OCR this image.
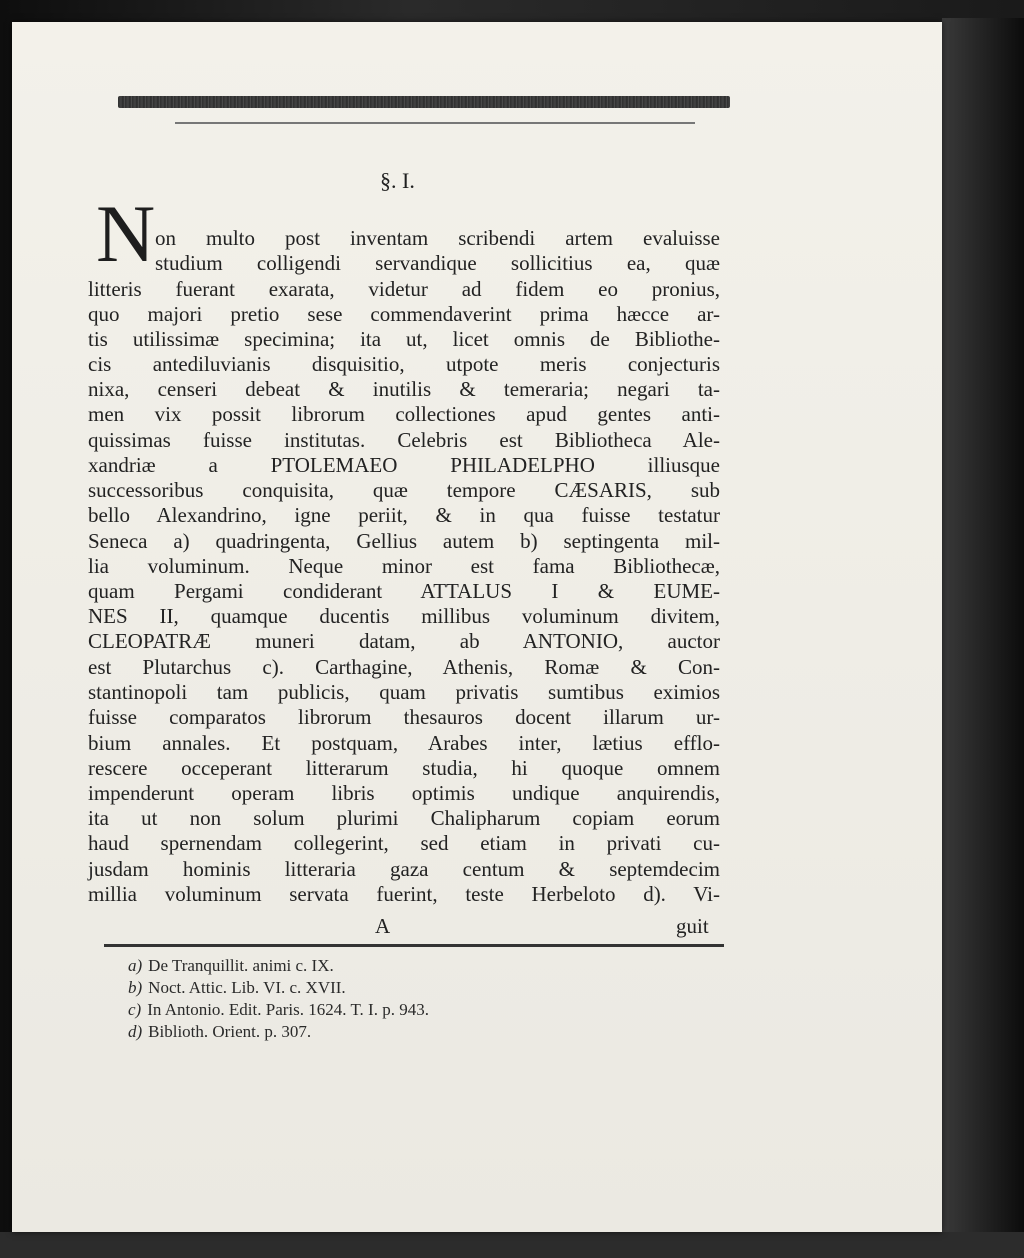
§. I.
N on multo post inventam scribendi artem evaluisse
studium colligendi servandique sollicitius ea, quæ
litteris fuerant exarata, videtur ad fidem eo pronius,
quo majori pretio sese commendaverint prima hæcce ar-
tis utilissimæ specimina; ita ut, licet omnis de Bibliothe-
cis antediluvianis disquisitio, utpote meris conjecturis
nixa, censeri debeat & inutilis & temeraria; negari ta-
men vix possit librorum collectiones apud gentes anti-
quissimas fuisse institutas. Celebris est Bibliotheca Ale-
xandriæ a PTOLEMAEO PHILADELPHO illiusque
successoribus conquisita, quæ tempore CÆSARIS, sub
bello Alexandrino, igne periit, & in qua fuisse testatur
Seneca a) quadringenta, Gellius autem b) septingenta mil-
lia voluminum. Neque minor est fama Bibliothecæ,
quam Pergami condiderant ATTALUS I & EUME-
NES II, quamque ducentis millibus voluminum divitem,
CLEOPATRÆ muneri datam, ab ANTONIO, auctor
est Plutarchus c). Carthagine, Athenis, Romæ & Con-
stantinopoli tam publicis, quam privatis sumtibus eximios
fuisse comparatos librorum thesauros docent illarum ur-
bium annales. Et postquam, Arabes inter, lætius efflo-
rescere occeperant litterarum studia, hi quoque omnem
impenderunt operam libris optimis undique anquirendis,
ita ut non solum plurimi Chalipharum copiam eorum
haud spernendam collegerint, sed etiam in privati cu-
jusdam hominis litteraria gaza centum & septemdecim
millia voluminum servata fuerint, teste Herbeloto d). Vi-
A	guit
a) De Tranquillit. animi c. IX.
b) Noct. Attic. Lib. VI. c. XVII.
c) In Antonio. Edit. Paris. 1624. T. I. p. 943.
d) Biblioth. Orient. p. 307.
